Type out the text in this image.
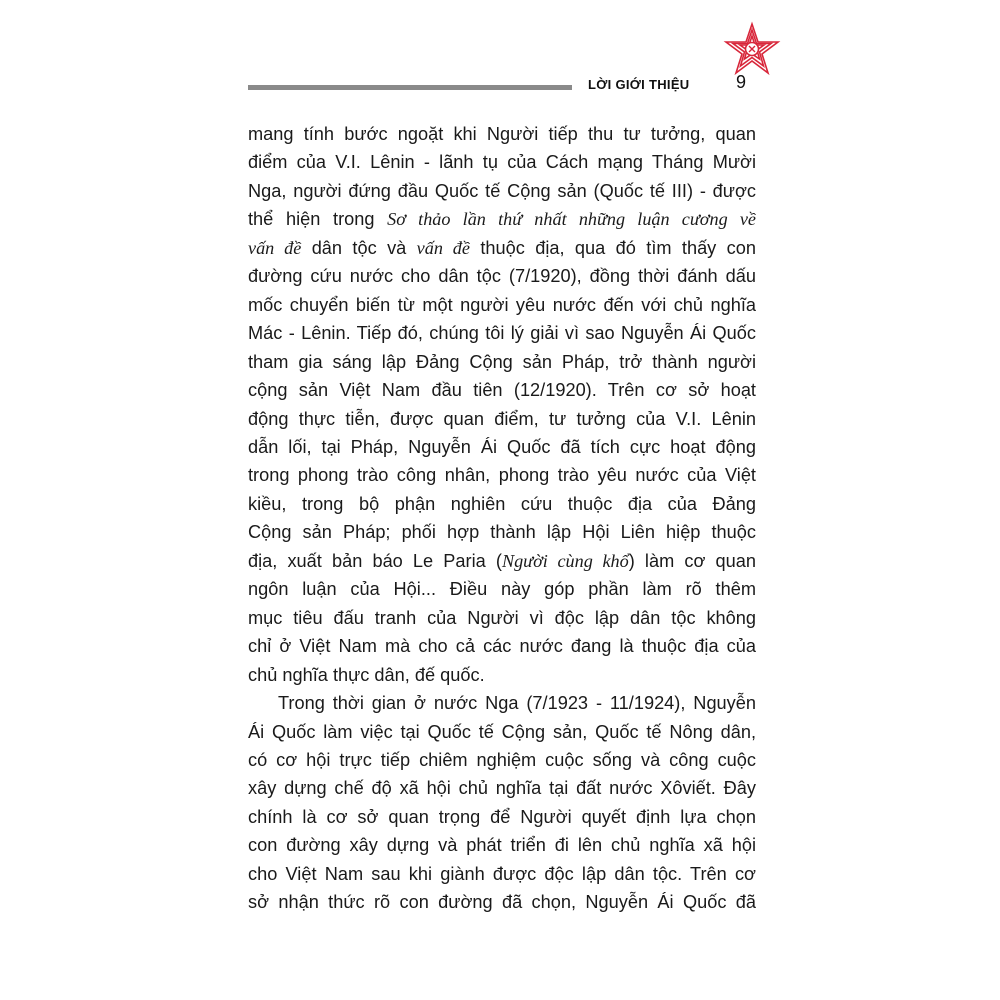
LỜI GIỚI THIỆU	9
mang tính bước ngoặt khi Người tiếp thu tư tưởng, quan
điểm của V.I. Lênin - lãnh tụ của Cách mạng Tháng Mười
Nga, người đứng đầu Quốc tế Cộng sản (Quốc tế III) - được
thể hiện trong Sơ thảo lần thứ nhất những luận cương về
vấn đề dân tộc và vấn đề thuộc địa, qua đó tìm thấy con
đường cứu nước cho dân tộc (7/1920), đồng thời đánh dấu
mốc chuyển biến từ một người yêu nước đến với chủ nghĩa
Mác - Lênin. Tiếp đó, chúng tôi lý giải vì sao Nguyễn Ái Quốc
tham gia sáng lập Đảng Cộng sản Pháp, trở thành người
cộng sản Việt Nam đầu tiên (12/1920). Trên cơ sở hoạt
động thực tiễn, được quan điểm, tư tưởng của V.I. Lênin
dẫn lối, tại Pháp, Nguyễn Ái Quốc đã tích cực hoạt động
trong phong trào công nhân, phong trào yêu nước của Việt
kiều, trong bộ phận nghiên cứu thuộc địa của Đảng
Cộng sản Pháp; phối hợp thành lập Hội Liên hiệp thuộc
địa, xuất bản báo Le Paria (Người cùng khổ) làm cơ quan
ngôn luận của Hội... Điều này góp phần làm rõ thêm
mục tiêu đấu tranh của Người vì độc lập dân tộc không
chỉ ở Việt Nam mà cho cả các nước đang là thuộc địa của
chủ nghĩa thực dân, đế quốc.
Trong thời gian ở nước Nga (7/1923 - 11/1924), Nguyễn
Ái Quốc làm việc tại Quốc tế Cộng sản, Quốc tế Nông dân,
có cơ hội trực tiếp chiêm nghiệm cuộc sống và công cuộc
xây dựng chế độ xã hội chủ nghĩa tại đất nước Xôviết. Đây
chính là cơ sở quan trọng để Người quyết định lựa chọn
con đường xây dựng và phát triển đi lên chủ nghĩa xã hội
cho Việt Nam sau khi giành được độc lập dân tộc. Trên cơ
sở nhận thức rõ con đường đã chọn, Nguyễn Ái Quốc đã
